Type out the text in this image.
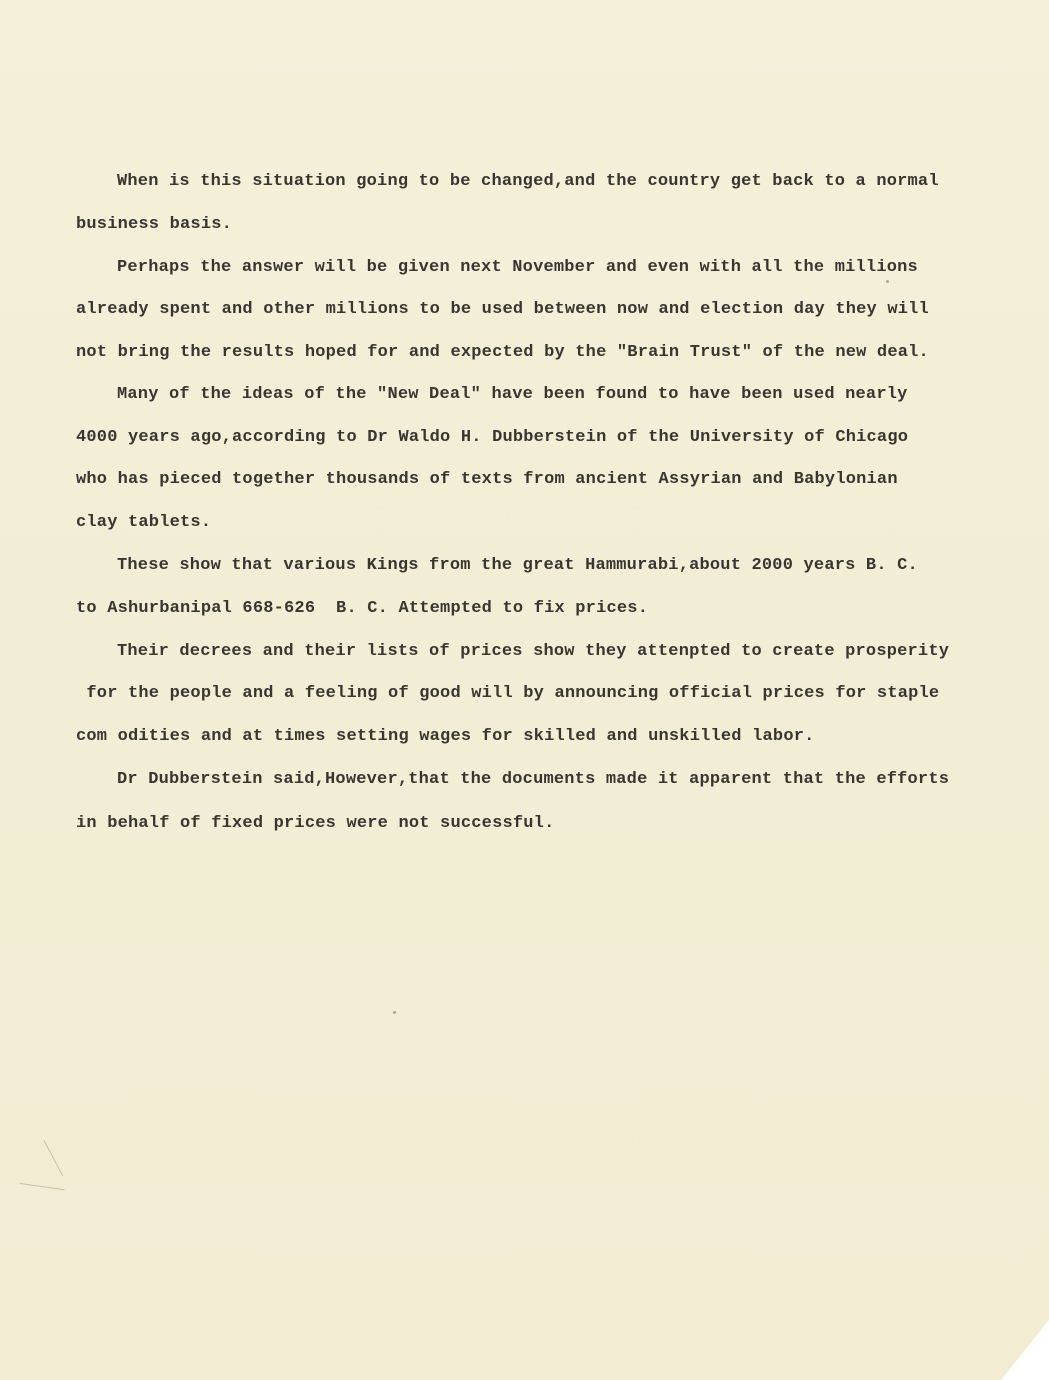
When is this situation going to be changed,and the country get back to a normal

business basis.

Perhaps the answer will be given next November and even with all the millions

already spent and other millions to be used between now and election day they will

not bring the results hoped for and expected by the "Brain Trust" of the new deal.

Many of the ideas of the "New Deal" have been found to have been used nearly

4000 years ago,according to Dr Waldo H. Dubberstein of the University of Chicago

who has pieced together thousands of texts from ancient Assyrian and Babylonian

clay tablets.

These show that various Kings from the great Hammurabi,about 2000 years B. C.

to Ashurbanipal 668-626  B. C. Attempted to fix prices.

Their decrees and their lists of prices show they attenpted to create prosperity

for the people and a feeling of good will by announcing official prices for staple

com odities and at times setting wages for skilled and unskilled labor.

Dr Dubberstein said,However,that the documents made it apparent that the efforts

in behalf of fixed prices were not successful.
